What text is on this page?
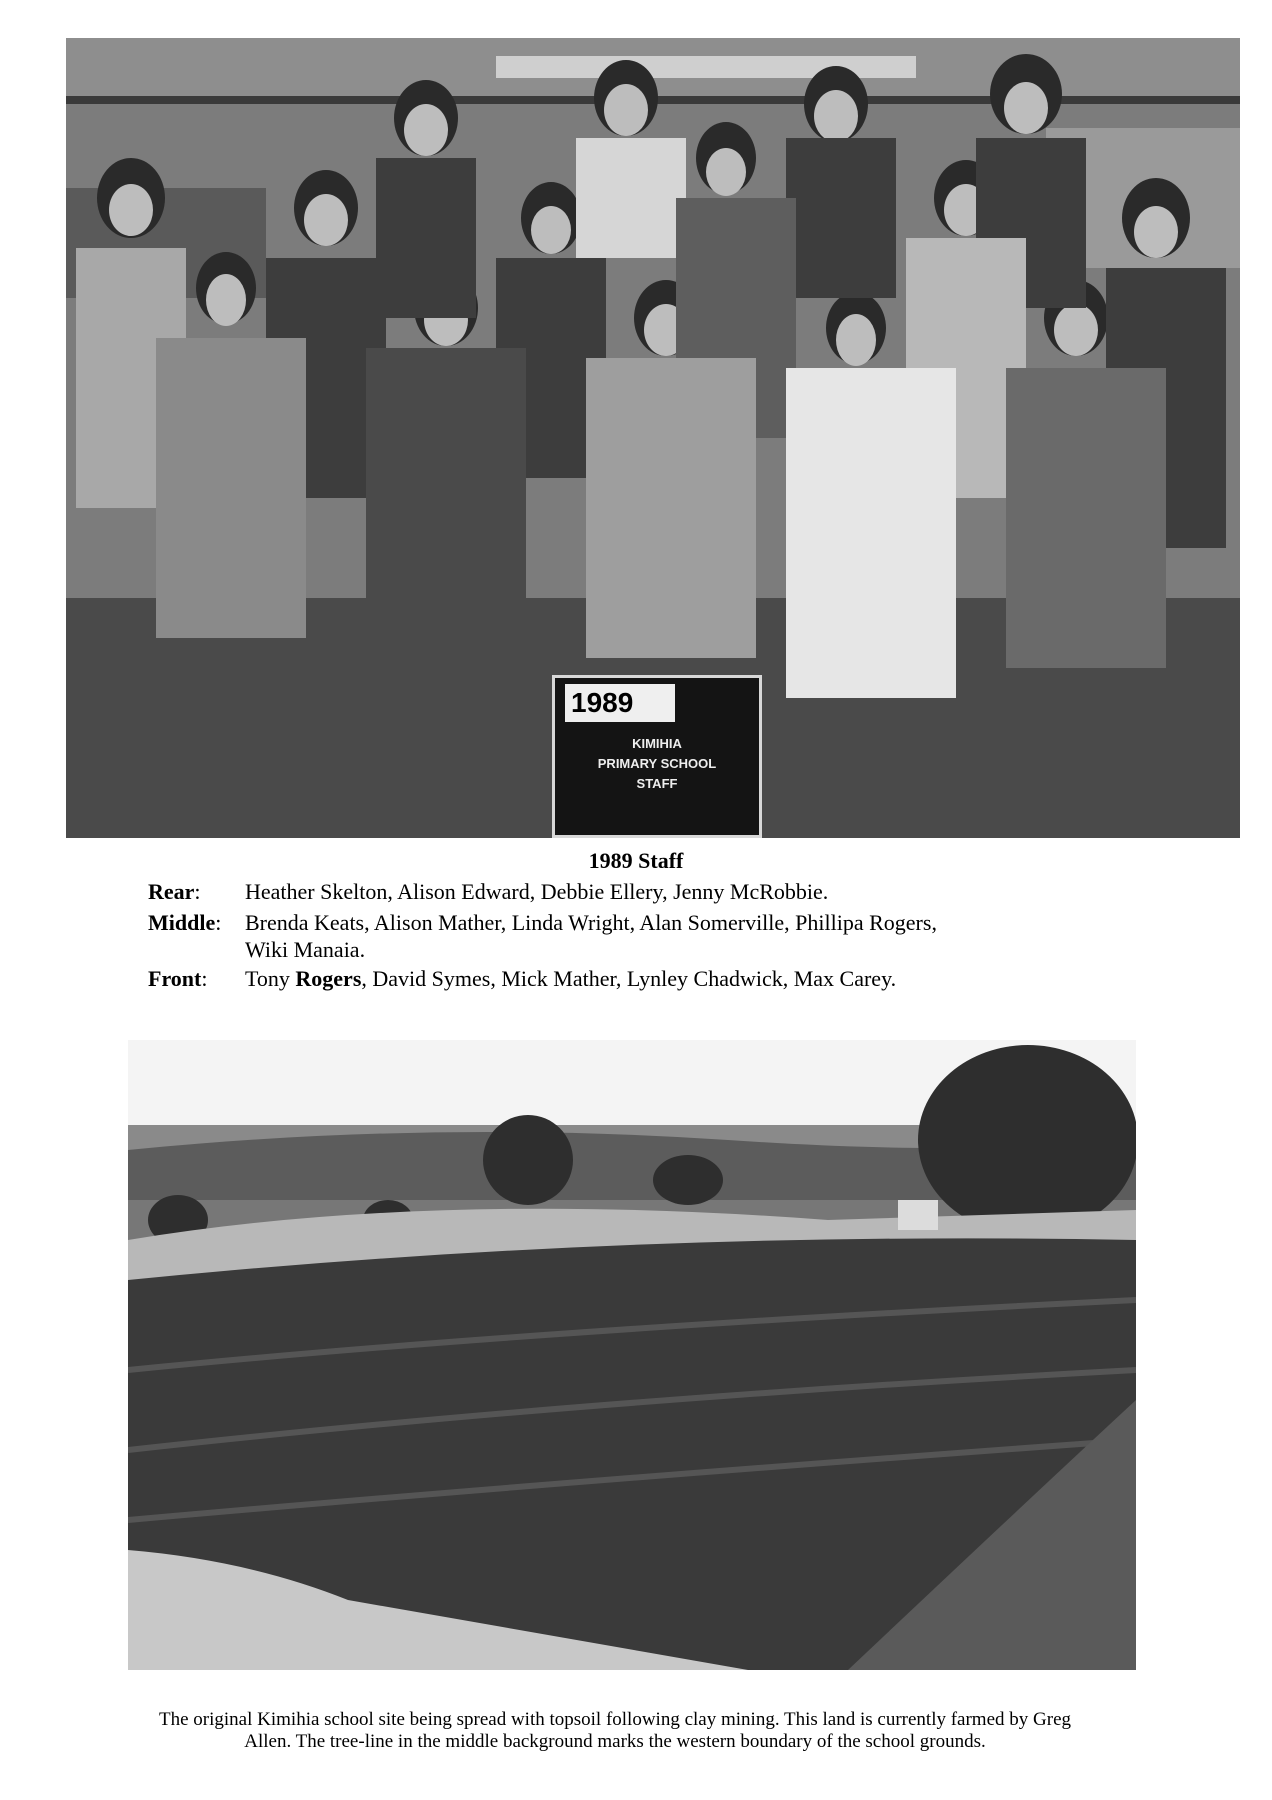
1989
KIMIHIA
PRIMARY SCHOOL
STAFF
1989 Staff
Rear: Heather Skelton, Alison Edward, Debbie Ellery, Jenny McRobbie.
Middle: Brenda Keats, Alison Mather, Linda Wright, Alan Somerville, Phillipa Rogers,
Wiki Manaia.
Front: Tony Rogers, David Symes, Mick Mather, Lynley Chadwick, Max Carey.
The original Kimihia school site being spread with topsoil following clay mining. This land is currently farmed by Greg
Allen. The tree-line in the middle background marks the western boundary of the school grounds.
